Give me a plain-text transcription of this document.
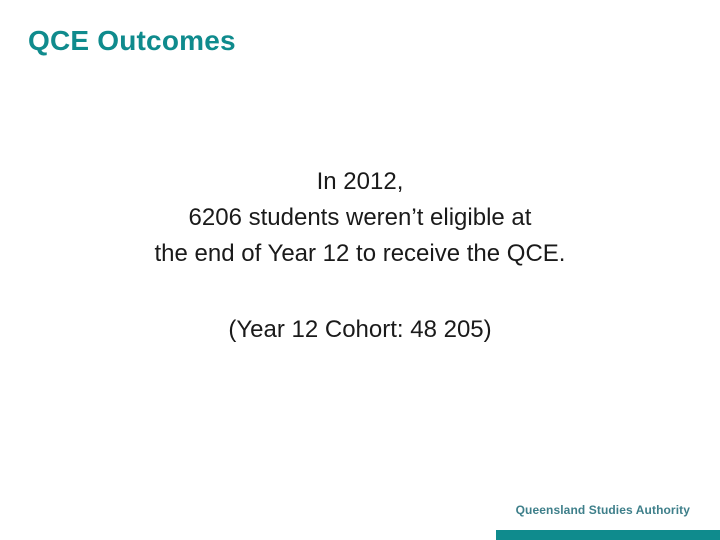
QCE Outcomes
In 2012,
6206 students weren’t eligible at
the end of Year 12 to receive the QCE.
(Year 12 Cohort: 48 205)
Queensland Studies Authority
